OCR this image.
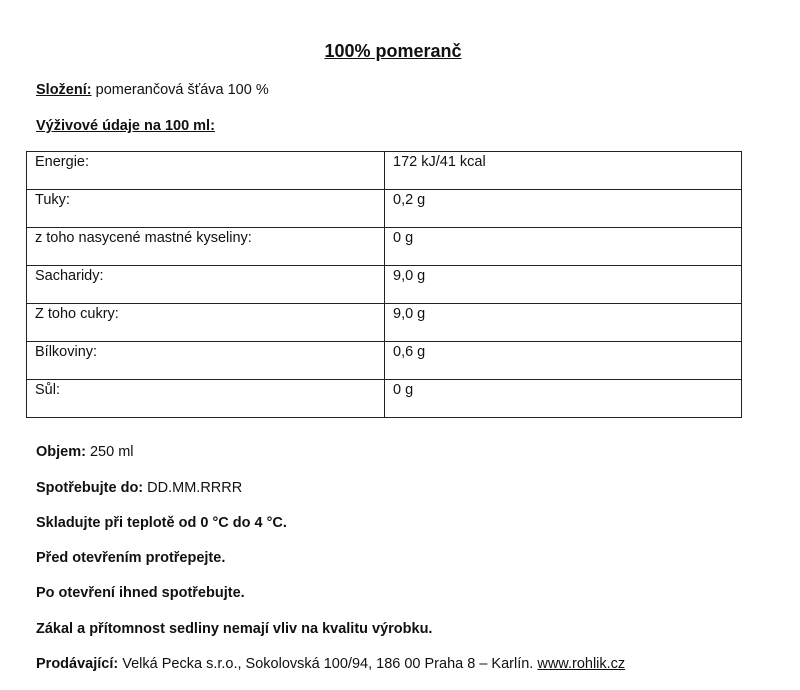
100% pomeranč
Složení: pomerančová šťáva 100 %
Výživové údaje na 100 ml:
Energie:	172 kJ/41 kcal
Tuky:	0,2 g
z toho nasycené mastné kyseliny:	0 g
Sacharidy:	9,0 g
Z toho cukry:	9,0 g
Bílkoviny:	0,6 g
Sůl:	0 g
Objem: 250 ml
Spotřebujte do: DD.MM.RRRR
Skladujte při teplotě od 0 °C do 4 °C.
Před otevřením protřepejte.
Po otevření ihned spotřebujte.
Zákal a přítomnost sedliny nemají vliv na kvalitu výrobku.
Prodávající: Velká Pecka s.r.o., Sokolovská 100/94, 186 00 Praha 8 – Karlín. www.rohlik.cz
